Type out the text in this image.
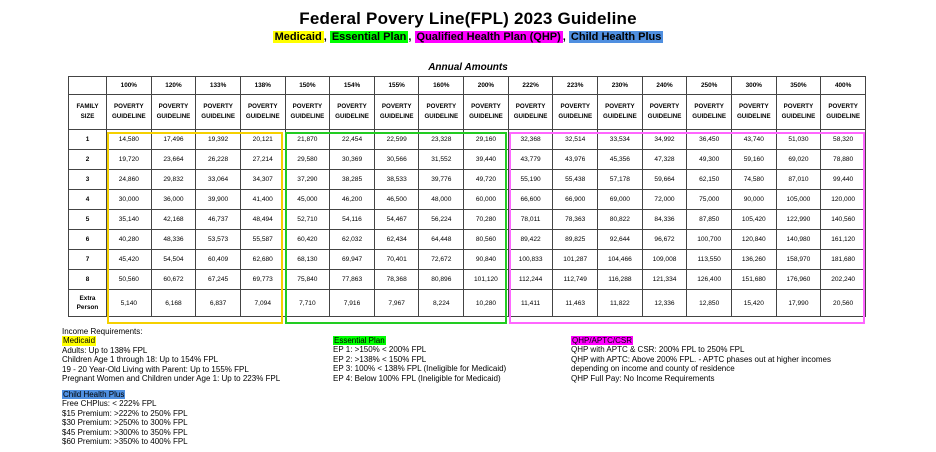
Federal Povery Line(FPL) 2023 Guideline
Medicaid , Essential Plan , Qualified Health Plan (QHP) , Child Health Plus
Annual Amounts
	100%	120%	133%	138%	150%	154%	155%	160%	200%	222%	223%	230%	240%	250%	300%	350%	400%
FAMILY SIZE	POVERTY GUIDELINE	POVERTY GUIDELINE	POVERTY GUIDELINE	POVERTY GUIDELINE	POVERTY GUIDELINE	POVERTY GUIDELINE	POVERTY GUIDELINE	POVERTY GUIDELINE	POVERTY GUIDELINE	POVERTY GUIDELINE	POVERTY GUIDELINE	POVERTY GUIDELINE	POVERTY GUIDELINE	POVERTY GUIDELINE	POVERTY GUIDELINE	POVERTY GUIDELINE	POVERTY GUIDELINE
1	14,580	17,496	19,392	20,121	21,870	22,454	22,599	23,328	29,160	32,368	32,514	33,534	34,992	36,450	43,740	51,030	58,320
2	19,720	23,664	26,228	27,214	29,580	30,369	30,566	31,552	39,440	43,779	43,976	45,356	47,328	49,300	59,160	69,020	78,880
3	24,860	29,832	33,064	34,307	37,290	38,285	38,533	39,776	49,720	55,190	55,438	57,178	59,664	62,150	74,580	87,010	99,440
4	30,000	36,000	39,900	41,400	45,000	46,200	46,500	48,000	60,000	66,600	66,900	69,000	72,000	75,000	90,000	105,000	120,000
5	35,140	42,168	46,737	48,494	52,710	54,116	54,467	56,224	70,280	78,011	78,363	80,822	84,336	87,850	105,420	122,990	140,560
6	40,280	48,336	53,573	55,587	60,420	62,032	62,434	64,448	80,560	89,422	89,825	92,644	96,672	100,700	120,840	140,980	161,120
7	45,420	54,504	60,409	62,680	68,130	69,947	70,401	72,672	90,840	100,833	101,287	104,466	109,008	113,550	136,260	158,970	181,680
8	50,560	60,672	67,245	69,773	75,840	77,863	78,368	80,896	101,120	112,244	112,749	116,288	121,334	126,400	151,680	176,960	202,240
Extra Person	5,140	6,168	6,837	7,094	7,710	7,916	7,967	8,224	10,280	11,411	11,463	11,822	12,336	12,850	15,420	17,990	20,560
Income Requirements:
Medicaid
Adults: Up to 138% FPL
Children Age 1 through 18: Up to 154% FPL
19 - 20 Year-Old Living with Parent: Up to 155% FPL
Pregnant Women and Children under Age 1: Up to 223% FPL
Essential Plan
EP 1: >150% < 200% FPL
EP 2: >138% < 150% FPL
EP 3: 100% < 138% FPL (Ineligible for Medicaid)
EP 4: Below 100% FPL (Ineligible for Medicaid)
QHP/APTC/CSR
QHP with APTC & CSR: 200% FPL to 250% FPL
QHP with APTC: Above 200% FPL. - APTC phases out at higher incomes
depending on income and county of residence
QHP Full Pay: No Income Requirements
Child Health Plus
Free CHPlus: < 222% FPL
$15 Premium: >222% to 250% FPL
$30 Premium: >250% to 300% FPL
$45 Premium: >300% to 350% FPL
$60 Premium: >350% to 400% FPL
